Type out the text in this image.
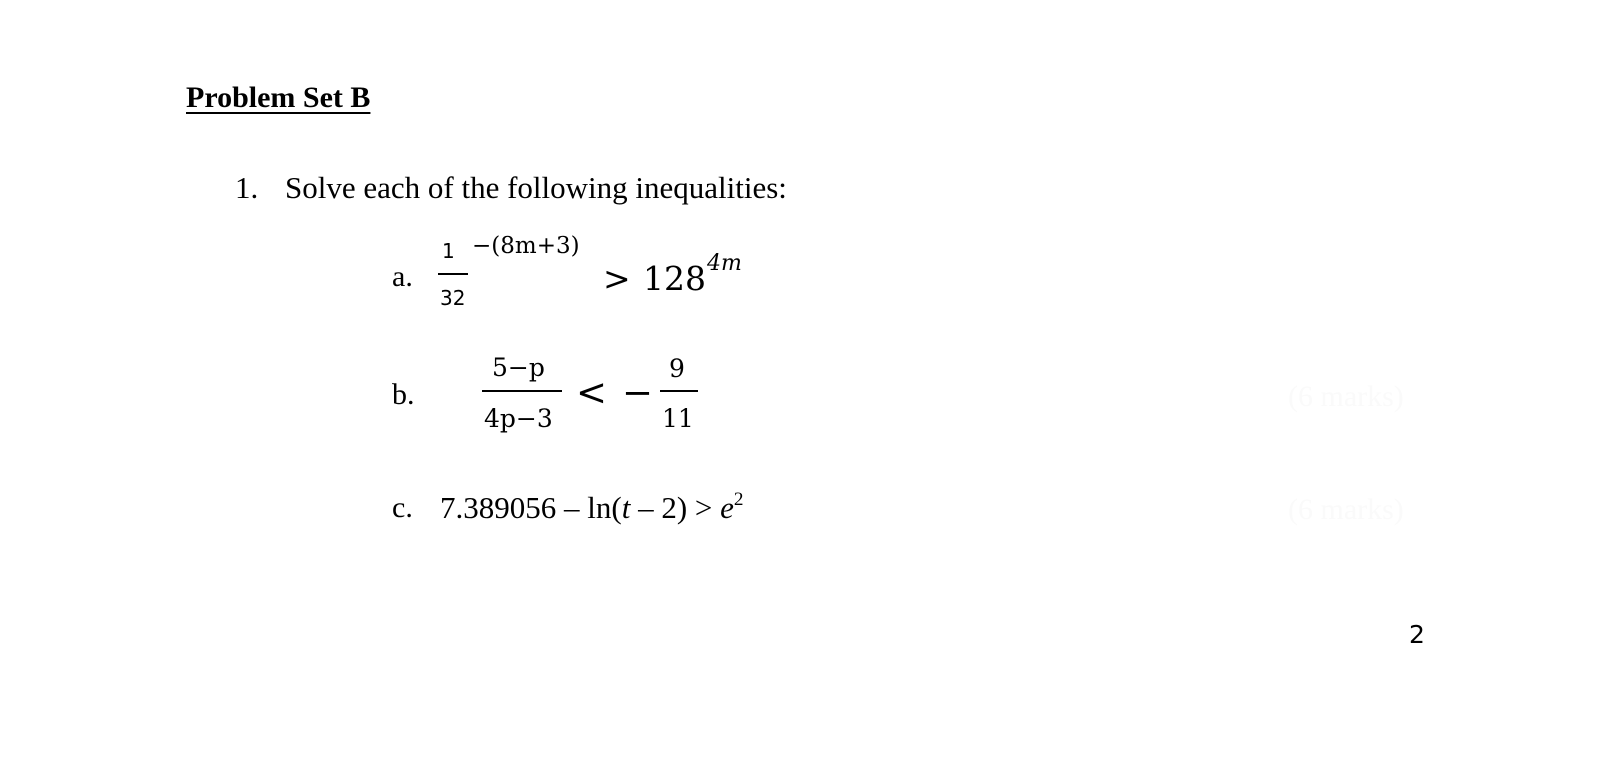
Problem Set B
1. Solve each of the following inequalities:
a.
1
32
−(8m+3)
> 128 4m
b.
5−p
4p−3
< −
9
11
c. $7.389056 - \ln(t - 2) > e^2$
(6 marks)
(6 marks)
2
